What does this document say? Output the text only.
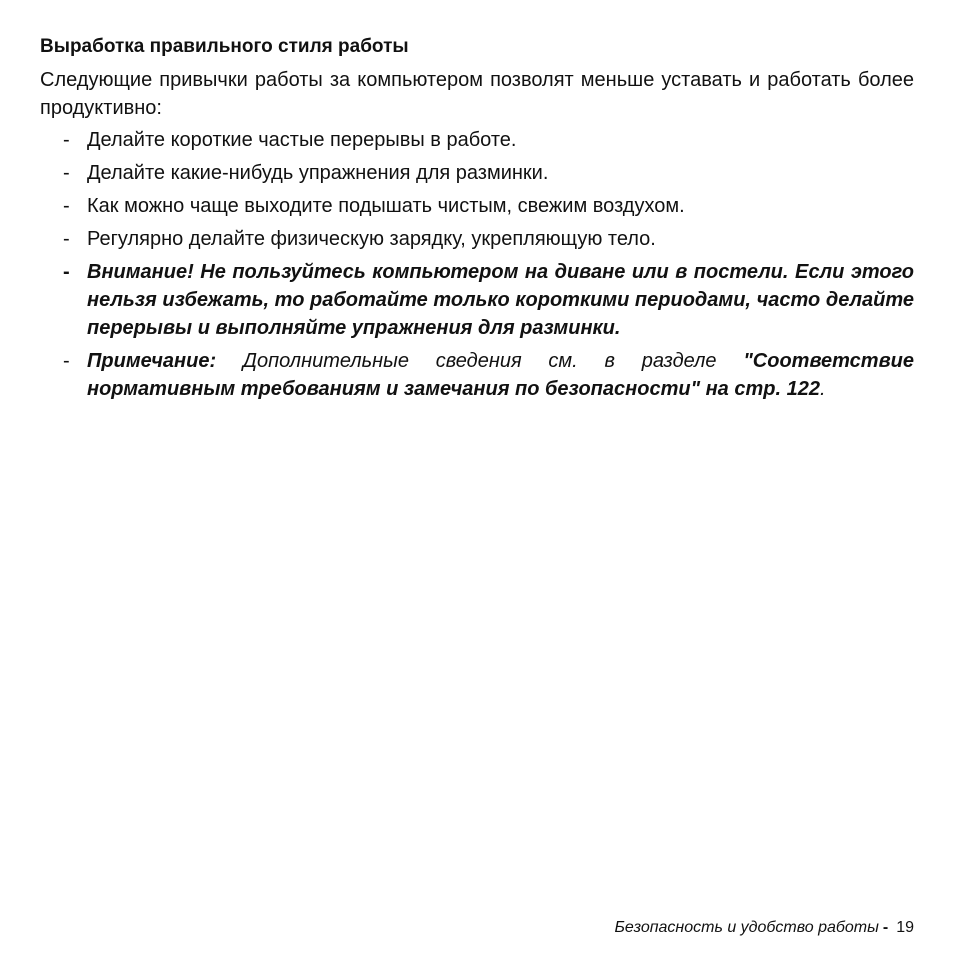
Выработка правильного стиля работы
Следующие привычки работы за компьютером позволят меньше уставать и работать более продуктивно:
- Делайте короткие частые перерывы в работе.
- Делайте какие-нибудь упражнения для разминки.
- Как можно чаще выходите подышать чистым, свежим воздухом.
- Регулярно делайте физическую зарядку, укрепляющую тело.
- Внимание! Не пользуйтесь компьютером на диване или в постели. Если этого нельзя избежать, то работайте только короткими периодами, часто делайте перерывы и выполняйте упражнения для разминки.
- Примечание: Дополнительные сведения см. в разделе "Соответствие нормативным требованиям и замечания по безопасности" на стр. 122.
Безопасность и удобство работы - 19
